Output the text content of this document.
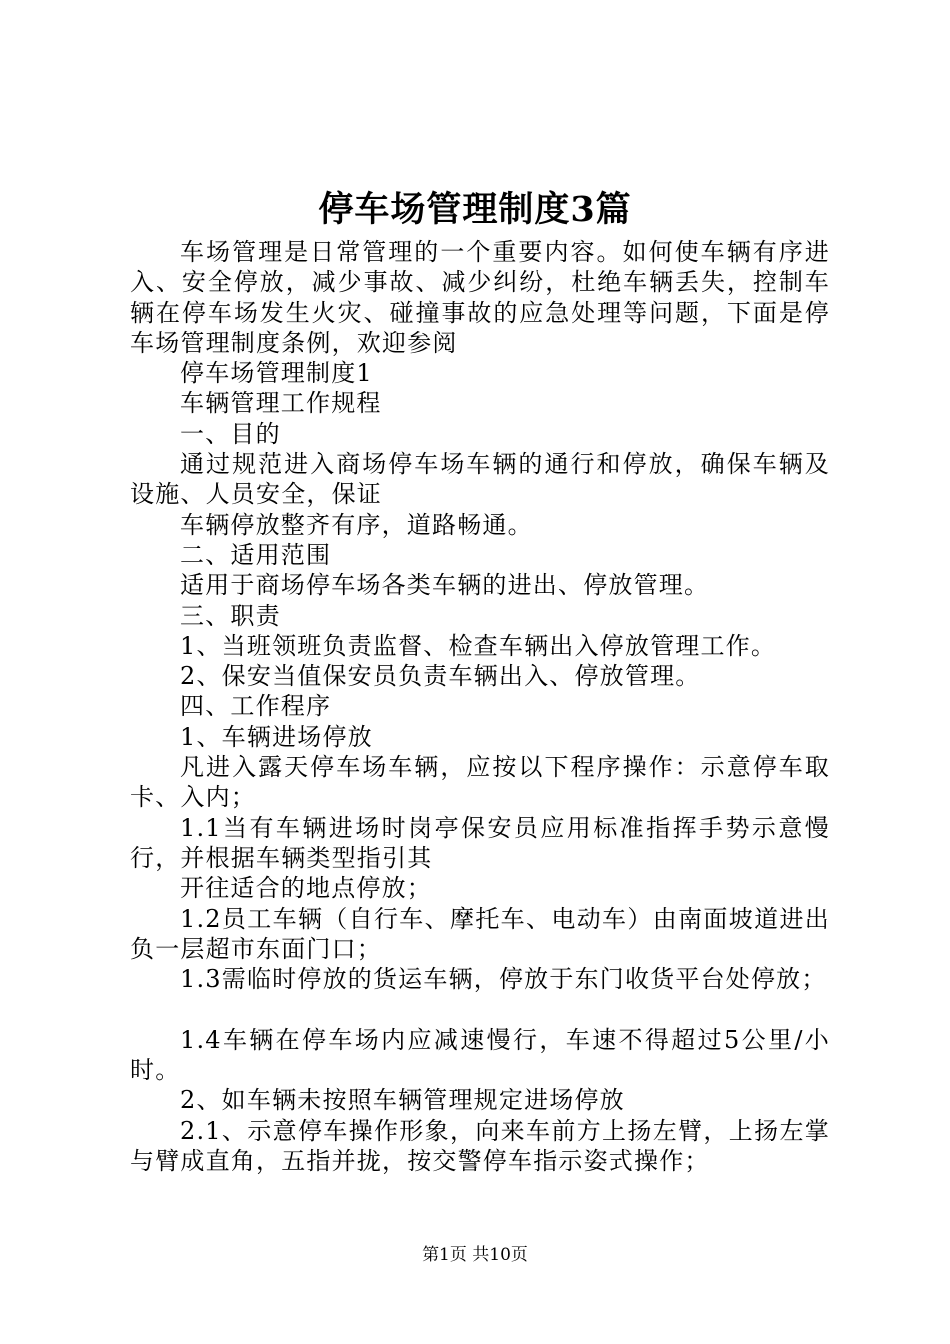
停车场管理制度3篇

车场管理是日常管理的一个重要内容。如何使车辆有序进入、安全停放，减少事故、减少纠纷，杜绝车辆丢失，控制车辆在停车场发生火灾、碰撞事故的应急处理等问题，下面是停车场管理制度条例，欢迎参阅

停车场管理制度1

车辆管理工作规程

一、目的

通过规范进入商场停车场车辆的通行和停放，确保车辆及设施、人员安全，保证

车辆停放整齐有序，道路畅通。

二、适用范围

适用于商场停车场各类车辆的进出、停放管理。

三、职责

1、当班领班负责监督、检查车辆出入停放管理工作。

2、保安当值保安员负责车辆出入、停放管理。

四、工作程序

1、车辆进场停放

凡进入露天停车场车辆，应按以下程序操作：示意停车取卡、入内；

1.1当有车辆进场时岗亭保安员应用标准指挥手势示意慢行，并根据车辆类型指引其

开往适合的地点停放；

1.2员工车辆（自行车、摩托车、电动车）由南面坡道进出负一层超市东面门口；

1.3需临时停放的货运车辆，停放于东门收货平台处停放；

1.4车辆在停车场内应减速慢行，车速不得超过5公里/小时。

2、如车辆未按照车辆管理规定进场停放

2.1、示意停车操作形象，向来车前方上扬左臂，上扬左掌与臂成直角，五指并拢，按交警停车指示姿式操作；

第1页 共10页
